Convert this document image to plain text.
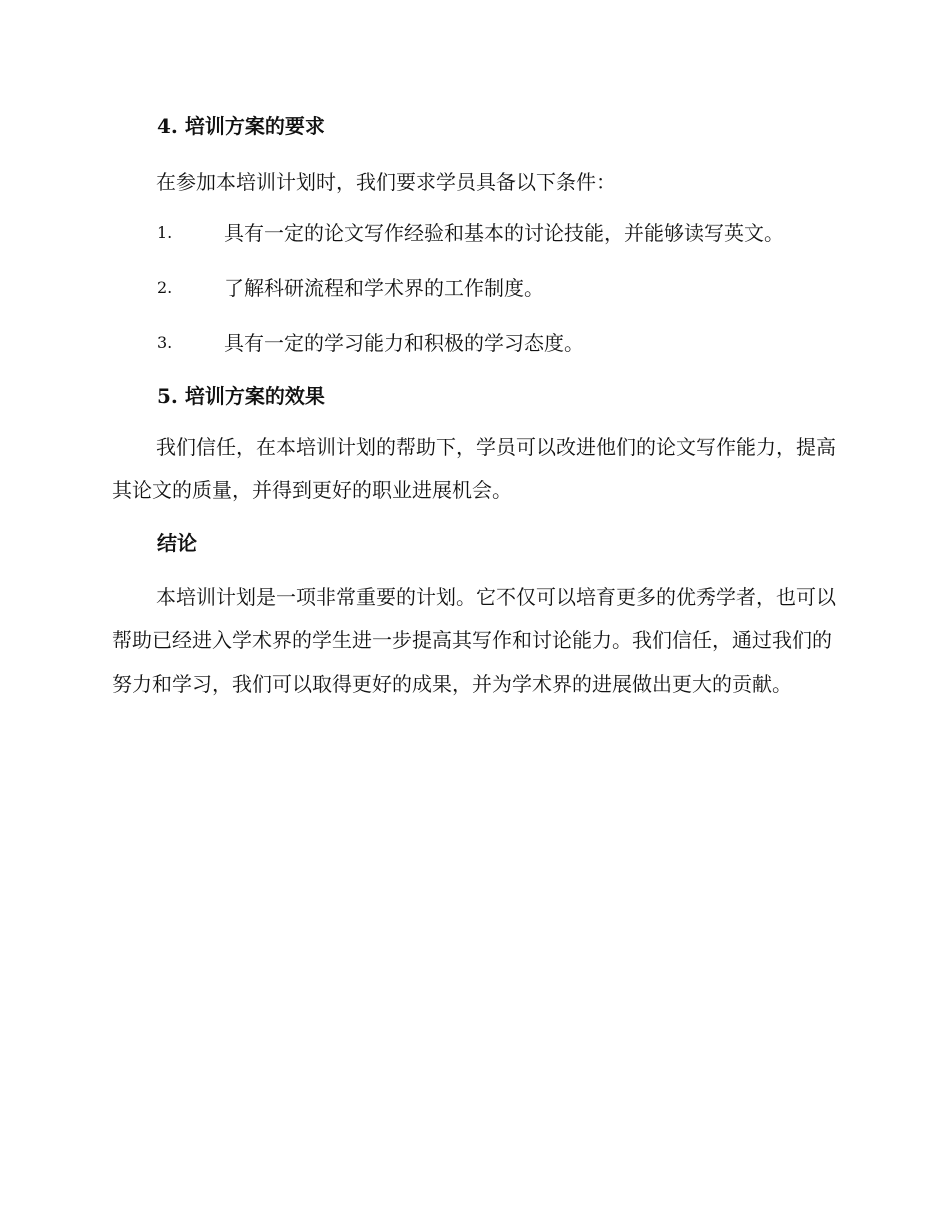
4. 培训方案的要求

在参加本培训计划时，我们要求学员具备以下条件：

1.	具有一定的论文写作经验和基本的讨论技能，并能够读写英文。
2.	了解科研流程和学术界的工作制度。
3.	具有一定的学习能力和积极的学习态度。
5. 培训方案的效果

我们信任，在本培训计划的帮助下，学员可以改进他们的论文写作能力，提高其论文的质量，并得到更好的职业进展机会。

结论

本培训计划是一项非常重要的计划。它不仅可以培育更多的优秀学者，也可以帮助已经进入学术界的学生进一步提高其写作和讨论能力。我们信任，通过我们的努力和学习，我们可以取得更好的成果，并为学术界的进展做出更大的贡献。
